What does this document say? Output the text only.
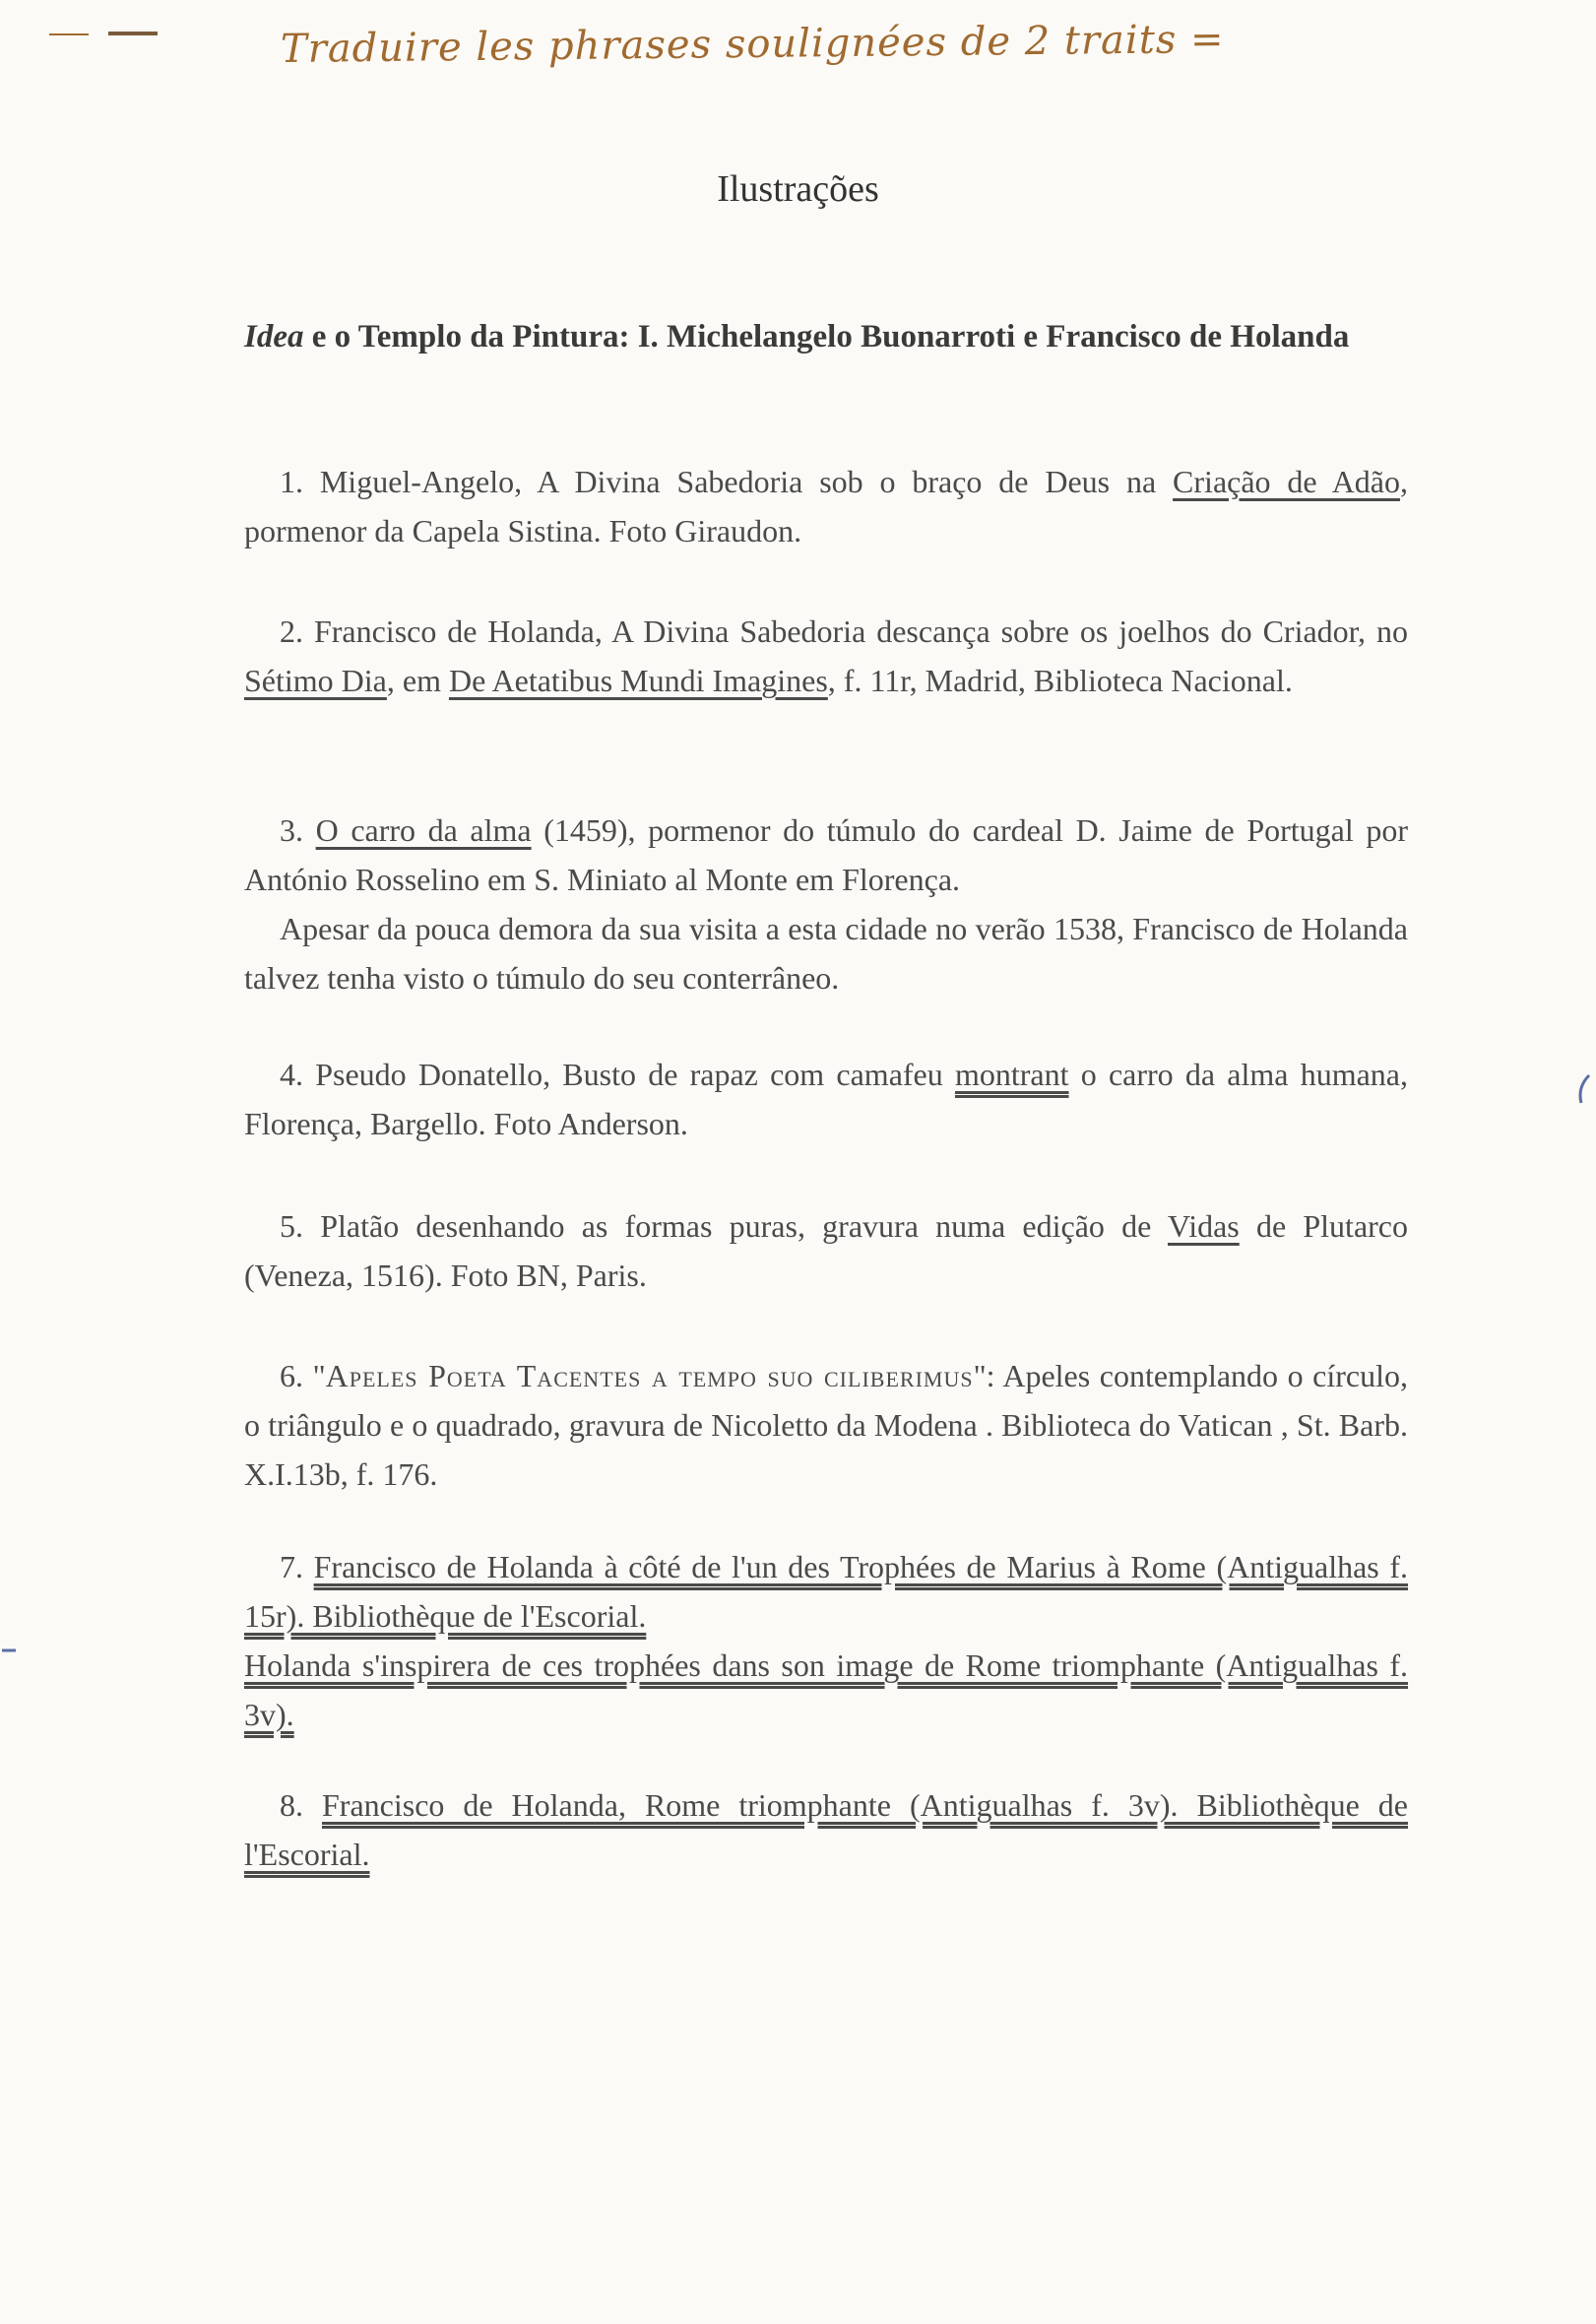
Traduire les phrases soulignées de 2 traits =
Ilustrações
Idea e o Templo da Pintura: I. Michelangelo Buonarroti e Francisco de Holanda

1. Miguel-Angelo, A Divina Sabedoria sob o braço de Deus na Criação de Adão, pormenor da Capela Sistina. Foto Giraudon.

2. Francisco de Holanda, A Divina Sabedoria descança sobre os joelhos do Criador, no Sétimo Dia, em De Aetatibus Mundi Imagines, f. 11r, Madrid, Biblioteca Nacional.

3. O carro da alma (1459), pormenor do túmulo do cardeal D. Jaime de Portugal por António Rosselino em S. Miniato al Monte em Florença.

Apesar da pouca demora da sua visita a esta cidade no verão 1538, Francisco de Holanda talvez tenha visto o túmulo do seu conterrâneo.

4. Pseudo Donatello, Busto de rapaz com camafeu montrant o carro da alma humana, Florença, Bargello. Foto Anderson.

5. Platão desenhando as formas puras, gravura numa edição de Vidas de Plutarco (Veneza, 1516). Foto BN, Paris.

6. "Apeles Poeta Tacentes a tempo suo ciliberimus": Apeles contemplando o círculo, o triângulo e o quadrado, gravura de Nicoletto da Modena . Biblioteca do Vatican , St. Barb. X.I.13b, f. 176.

7. Francisco de Holanda à côté de l'un des Trophées de Marius à Rome (Antigualhas f. 15r). Bibliothèque de l'Escorial.

Holanda s'inspirera de ces trophées dans son image de Rome triomphante (Antigualhas f. 3v).

8. Francisco de Holanda, Rome triomphante (Antigualhas f. 3v). Bibliothèque de l'Escorial.
